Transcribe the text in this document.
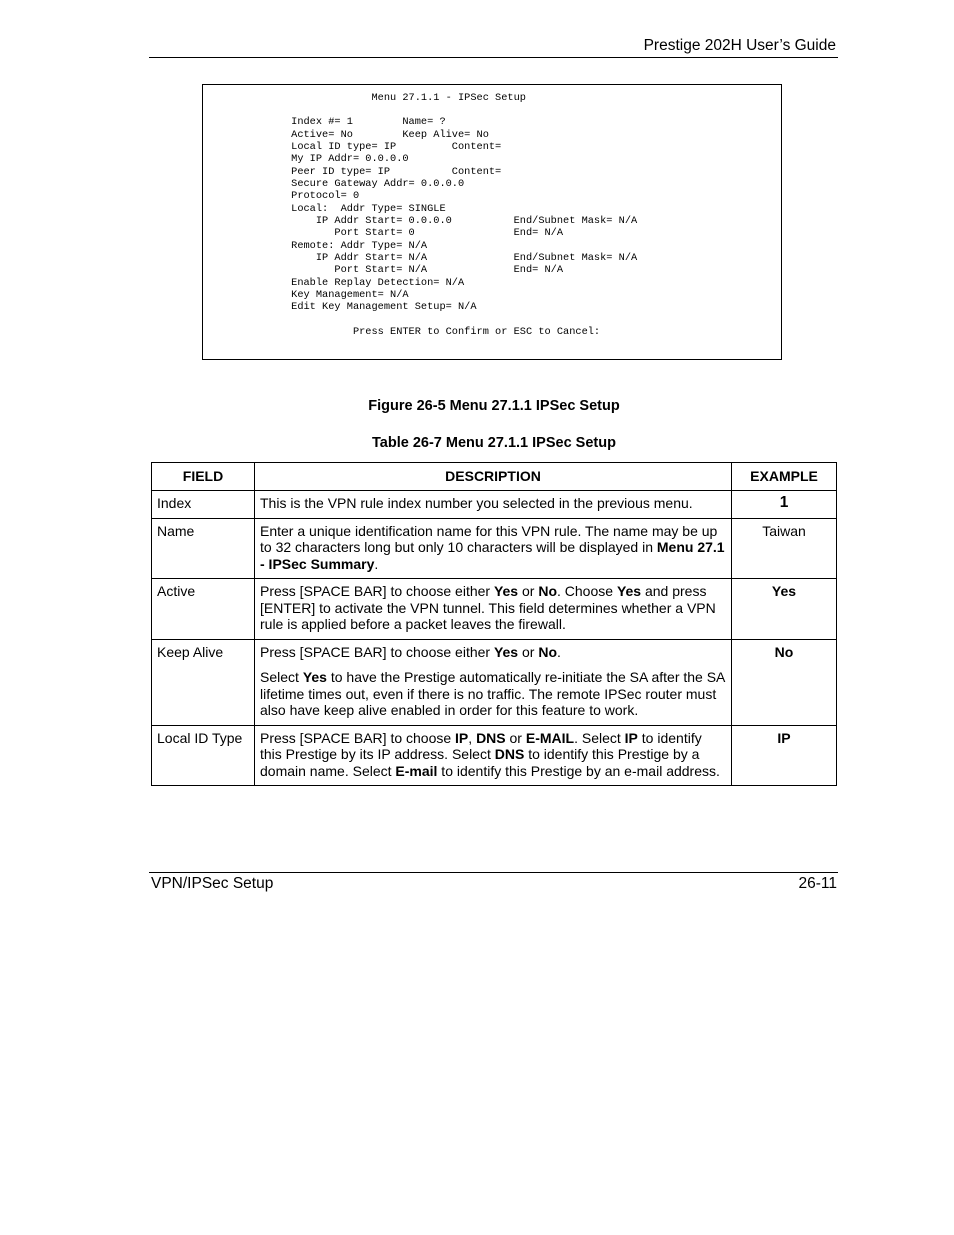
Prestige 202H User’s Guide
Menu 27.1.1 - IPSec Setup
Index #= 1        Name= ?
Active= No        Keep Alive= No
Local ID type= IP         Content=
My IP Addr= 0.0.0.0
Peer ID type= IP          Content=
Secure Gateway Addr= 0.0.0.0
Protocol= 0
Local:  Addr Type= SINGLE
IP Addr Start= 0.0.0.0          End/Subnet Mask= N/A
Port Start= 0                End= N/A
Remote: Addr Type= N/A
IP Addr Start= N/A              End/Subnet Mask= N/A
Port Start= N/A              End= N/A
Enable Replay Detection= N/A
Key Management= N/A
Edit Key Management Setup= N/A
Press ENTER to Confirm or ESC to Cancel:
Figure 26-5 Menu 27.1.1 IPSec Setup
Table 26-7 Menu 27.1.1 IPSec Setup
FIELD	DESCRIPTION	EXAMPLE
Index	This is the VPN rule index number you selected in the previous menu.	1
Name	Enter a unique identification name for this VPN rule. The name may be up to 32 characters long but only 10 characters will be displayed in Menu 27.1 - IPSec Summary.	Taiwan
Active	Press [SPACE BAR] to choose either Yes or No. Choose Yes and press [ENTER] to activate the VPN tunnel. This field determines whether a VPN rule is applied before a packet leaves the firewall.	Yes
Keep Alive	Press [SPACE BAR] to choose either Yes or No.

Select Yes to have the Prestige automatically re-initiate the SA after the SA lifetime times out, even if there is no traffic. The remote IPSec router must also have keep alive enabled in order for this feature to work.	No
Local ID Type	Press [SPACE BAR] to choose IP, DNS or E-MAIL. Select IP to identify this Prestige by its IP address. Select DNS to identify this Prestige by a domain name. Select E-mail to identify this Prestige by an e-mail address.	IP
VPN/IPSec Setup	26-11
